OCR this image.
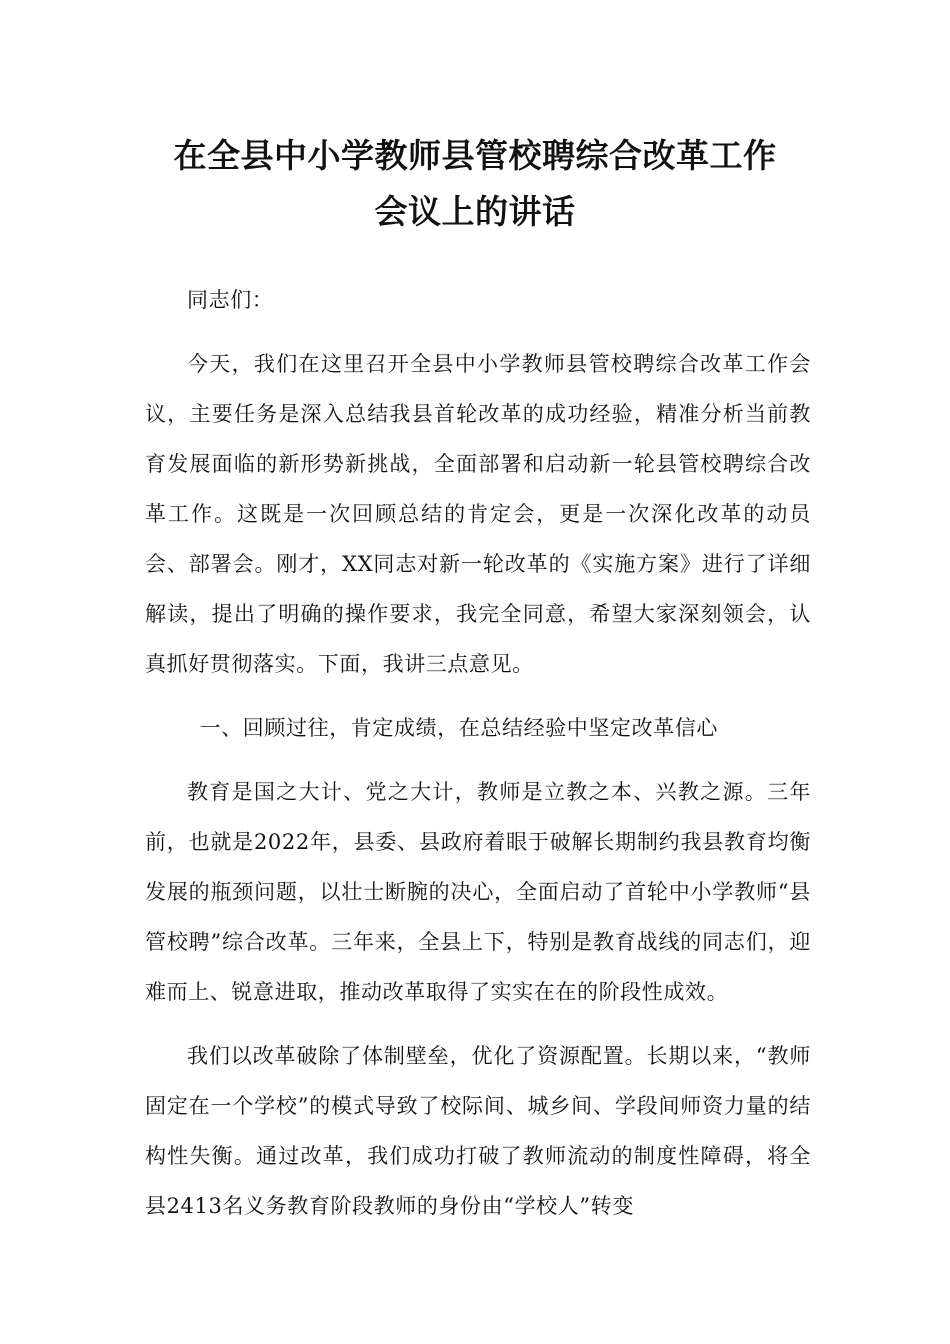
在全县中小学教师县管校聘综合改革工作
会议上的讲话

同志们：

今天，我们在这里召开全县中小学教师县管校聘综合改革工作会议，主要任务是深入总结我县首轮改革的成功经验，精准分析当前教育发展面临的新形势新挑战，全面部署和启动新一轮县管校聘综合改革工作。这既是一次回顾总结的肯定会，更是一次深化改革的动员会、部署会。刚才，XX同志对新一轮改革的《实施方案》进行了详细解读，提出了明确的操作要求，我完全同意，希望大家深刻领会，认真抓好贯彻落实。下面，我讲三点意见。

一、回顾过往，肯定成绩，在总结经验中坚定改革信心

教育是国之大计、党之大计，教师是立教之本、兴教之源。三年前，也就是2022年，县委、县政府着眼于破解长期制约我县教育均衡发展的瓶颈问题，以壮士断腕的决心，全面启动了首轮中小学教师“县管校聘”综合改革。三年来，全县上下，特别是教育战线的同志们，迎难而上、锐意进取，推动改革取得了实实在在的阶段性成效。

我们以改革破除了体制壁垒，优化了资源配置。长期以来，“教师固定在一个学校”的模式导致了校际间、城乡间、学段间师资力量的结构性失衡。通过改革，我们成功打破了教师流动的制度性障碍，将全县2413名义务教育阶段教师的身份由“学校人”转变
